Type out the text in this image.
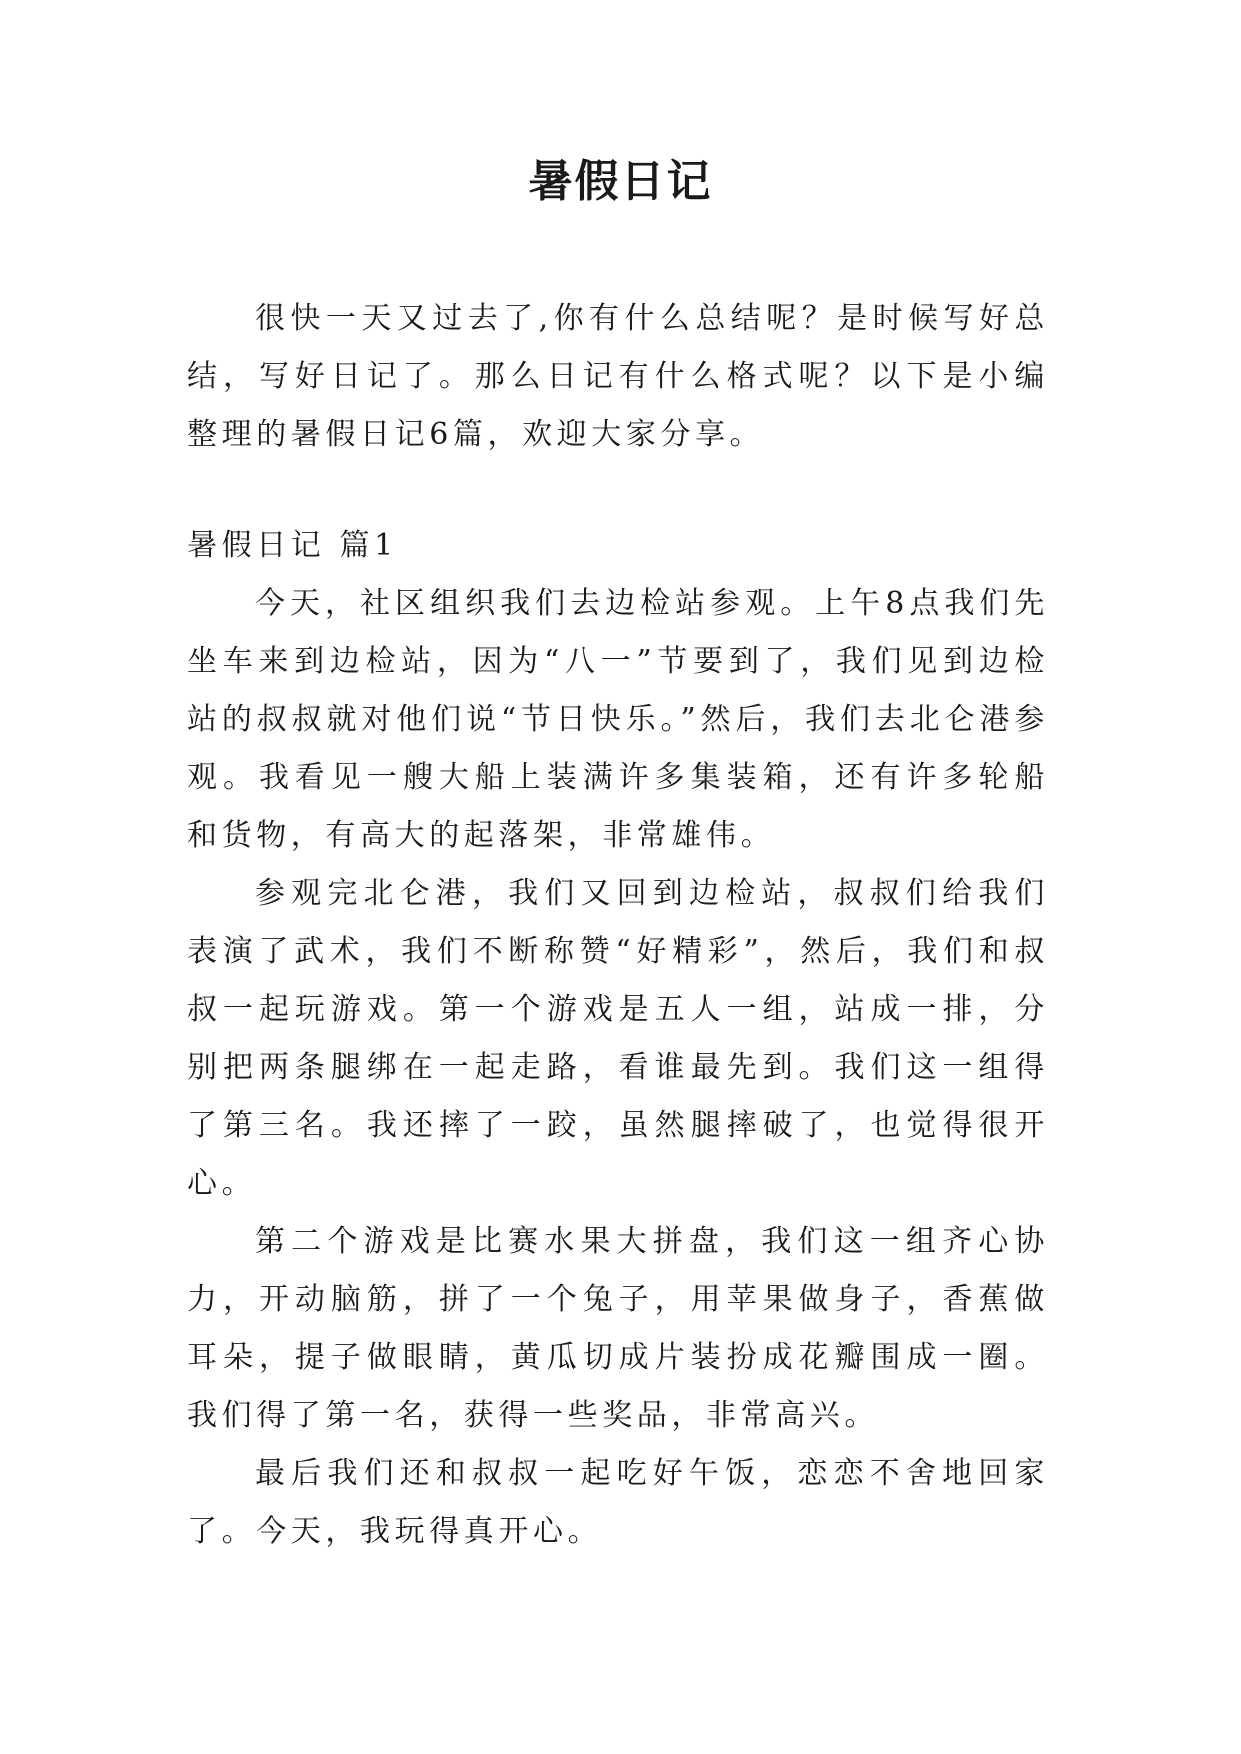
暑假日记

很快一天又过去了,你有什么总结呢？是时候写好总结，写好日记了。那么日记有什么格式呢？以下是小编整理的暑假日记6篇，欢迎大家分享。

暑假日记 篇1

今天，社区组织我们去边检站参观。上午8点我们先坐车来到边检站，因为“八一”节要到了，我们见到边检站的叔叔就对他们说“节日快乐。”然后，我们去北仑港参观。我看见一艘大船上装满许多集装箱，还有许多轮船和货物，有高大的起落架，非常雄伟。

参观完北仑港，我们又回到边检站，叔叔们给我们表演了武术，我们不断称赞“好精彩”，然后，我们和叔叔一起玩游戏。第一个游戏是五人一组，站成一排，分别把两条腿绑在一起走路，看谁最先到。我们这一组得了第三名。我还摔了一跤，虽然腿摔破了，也觉得很开心。

第二个游戏是比赛水果大拼盘，我们这一组齐心协力，开动脑筋，拼了一个兔子，用苹果做身子，香蕉做耳朵，提子做眼睛，黄瓜切成片装扮成花瓣围成一圈。我们得了第一名，获得一些奖品，非常高兴。

最后我们还和叔叔一起吃好午饭，恋恋不舍地回家了。今天，我玩得真开心。
